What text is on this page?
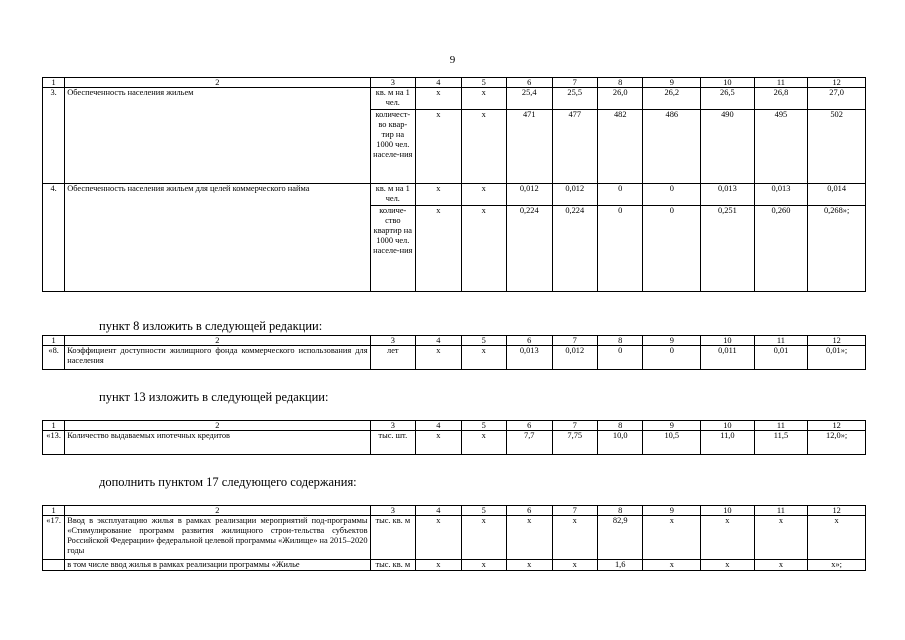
9
1	2	3	4	5	6	7	8	9	10	11	12
3.	Обеспеченность населения жильем	кв. м на 1 чел.	х	х	25,4	25,5	26,0	26,2	26,5	26,8	27,0
		количест-во квар-тир на 1000 чел. населе-ния	х	х	471	477	482	486	490	495	502
4.	Обеспеченность населения жильем для целей коммерческого найма	кв. м на 1 чел.	х	х	0,012	0,012	0	0	0,013	0,013	0,014
		количе-ство квартир на 1000 чел. населе-ния	х	х	0,224	0,224	0	0	0,251	0,260	0,268»;
пункт 8 изложить в следующей редакции:
1	2	3	4	5	6	7	8	9	10	11	12
«8.	Коэффициент доступности жилищного фонда коммерческого использования для населения	лет	х	х	0,013	0,012	0	0	0,011	0,01	0,01»;
пункт 13 изложить в следующей редакции:
1	2	3	4	5	6	7	8	9	10	11	12
«13.	Количество выдаваемых ипотечных кредитов	тыс. шт.	х	х	7,7	7,75	10,0	10,5	11,0	11,5	12,0»;
дополнить пунктом 17 следующего содержания:
1	2	3	4	5	6	7	8	9	10	11	12
«17.	Ввод в эксплуатацию жилья в рамках реализации мероприятий под-программы «Стимулирование программ развития жилищного строи-тельства субъектов Российской Федерации» федеральной целевой программы «Жилище» на 2015–2020 годы	тыс. кв. м	х	х	х	х	82,9	х	х	х	х
	в том числе ввод жилья в рамках реализации программы «Жилье	тыс. кв. м	х	х	х	х	1,6	х	х	х	х»;
